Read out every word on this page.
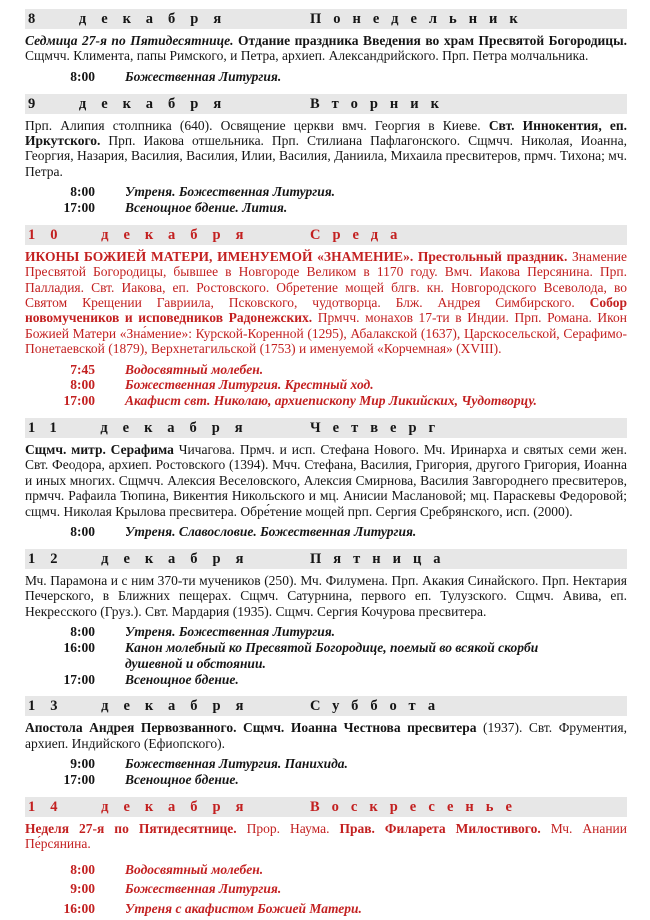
8 декабря	Понедельник

Седмица 27-я по Пятидесятнице. Отдание праздника Введения во храм Пресвятой Богородицы. Сщмчч. Климента, папы Римского, и Петра, архиеп. Александрийского. Прп. Петра молчальника.

8:00 Божественная Литургия.
9 декабря	Вторник

Прп. Алипия столпника (640). Освящение церкви вмч. Георгия в Киеве. Свт. Иннокентия, еп. Иркутского. Прп. Иакова отшельника. Прп. Стилиана Пафлагонского. Сщмчч. Николая, Иоанна, Георгия, Назария, Василия, Василия, Илии, Василия, Даниила, Михаила пресвитеров, прмч. Тихона; мч. Петра.

8:00 Утреня. Божественная Литургия.
17:00 Всенощное бдение. Лития.
10 декабря	Среда

ИКОНЫ БОЖИЕЙ МАТЕРИ, ИМЕНУЕМОЙ «ЗНАМЕНИЕ». Престольный праздник. Знамение Пресвятой Богородицы, бывшее в Новгороде Великом в 1170 году. Вмч. Иакова Персянина. Прп. Палладия. Свт. Иакова, еп. Ростовского. Обретение мощей блгв. кн. Новгородского Всеволода, во Святом Крещении Гавриила, Псковского, чудотворца. Блж. Андрея Симбирского. Собор новомучеников и исповедников Радонежских. Прмчч. монахов 17-ти в Индии. Прп. Романа. Икон Божией Матери «Зна́мение»: Курской-Коренной (1295), Абалакской (1637), Царскосельской, Серафимо-Понетаевской (1879), Верхнетагильской (1753) и именуемой «Корчемная» (XVIII).

7:45 Водосвятный молебен.
8:00 Божественная Литургия. Крестный ход.
17:00 Акафист свт. Николаю, архиепископу Мир Ликийских, Чудотворцу.
11 декабря	Четверг

Сщмч. митр. Серафима Чичагова. Прмч. и исп. Стефана Нового. Мч. Иринарха и святых семи жен. Свт. Феодора, архиеп. Ростовского (1394). Мчч. Стефана, Василия, Григория, другого Григория, Иоанна и иных многих. Сщмчч. Алексия Веселовского, Алексия Смирнова, Василия Завгороднего пресвитеров, прмчч. Рафаила Тюпина, Викентия Никольского и мц. Анисии Маслановой; мц. Параскевы Федоровой; сщмч. Николая Крылова пресвитера. Обре́тение мощей прп. Сергия Сребрянского, исп. (2000).

8:00 Утреня. Славословие. Божественная Литургия.
12 декабря	Пятница

Мч. Парамона и с ним 370-ти мучеников (250). Мч. Филумена. Прп. Акакия Синайского. Прп. Нектария Печерского, в Ближних пещерах. Сщмч. Сатурнина, первого еп. Тулузского. Сщмч. Авива, еп. Некресского (Груз.). Свт. Мардария (1935). Сщмч. Сергия Кочурова пресвитера.

8:00 Утреня. Божественная Литургия.
16:00 Канон молебный ко Пресвятой Богородице, поемый во всякой скорби душевной и обстоянии.
17:00 Всенощное бдение.
13 декабря	Суббота

Апостола Андрея Первозванного. Сщмч. Иоанна Честнова пресвитера (1937). Свт. Фрументия, архиеп. Индийского (Ефиопского).

9:00 Божественная Литургия. Панихида.
17:00 Всенощное бдение.
14 декабря	Воскресенье

Неделя 27-я по Пятидесятнице. Прор. Наума. Прав. Филарета Милостивого. Мч. Анании Пе́рсянина.

8:00 Водосвятный молебен.
9:00 Божественная Литургия.
16:00 Утреня с акафистом Божией Матери.
